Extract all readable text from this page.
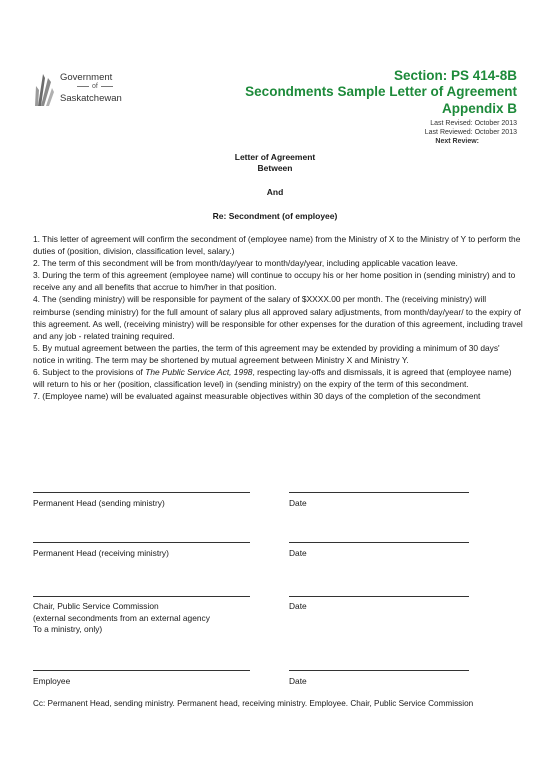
Government
of
Saskatchewan
Section: PS 414-8B
Secondments Sample Letter of Agreement
Appendix B
Last Revised: October 2013
Last Reviewed: October 2013
Next Review:
Letter of Agreement
Between
And
Re: Secondment (of employee)

1. This letter of agreement will confirm the secondment of (employee name) from the Ministry of X to the Ministry of Y to perform the duties of (position, division, classification level, salary.)

2. The term of this secondment will be from month/day/year to month/day/year, including applicable vacation leave.

3. During the term of this agreement (employee name) will continue to occupy his or her home position in (sending ministry) and to receive any and all benefits that accrue to him/her in that position.

4. The (sending ministry) will be responsible for payment of the salary of $XXXX.00 per month. The (receiving ministry) will reimburse (sending ministry) for the full amount of salary plus all approved salary adjustments, from month/day/year/ to the expiry of this agreement. As well, (receiving ministry) will be responsible for other expenses for the duration of this agreement, including travel and any job - related training required.

5. By mutual agreement between the parties, the term of this agreement may be extended by providing a minimum of 30 days' notice in writing. The term may be shortened by mutual agreement between Ministry X and Ministry Y.

6. Subject to the provisions of The Public Service Act, 1998, respecting lay-offs and dismissals, it is agreed that (employee name) will return to his or her (position, classification level) in (sending ministry) on the expiry of the term of this secondment.

7. (Employee name) will be evaluated against measurable objectives within 30 days of the completion of the secondment

Permanent Head (sending ministry)	Date
Permanent Head (receiving ministry)	Date
Chair, Public Service Commission
(external secondments from an external agency
To a ministry, only)
Date
Employee	Date
Cc: Permanent Head, sending ministry. Permanent head, receiving ministry. Employee. Chair, Public Service Commission
